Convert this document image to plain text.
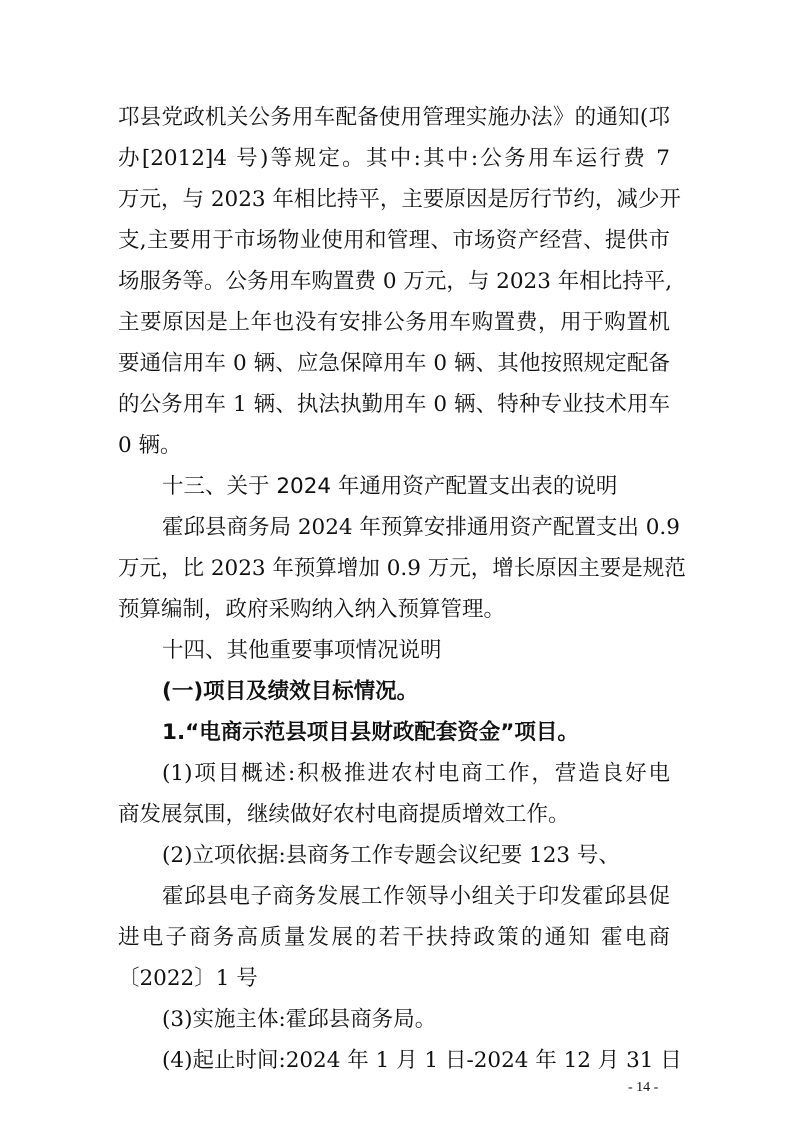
邛县党政机关公务用车配备使用管理实施办法》的通知(邛
办[2012]4 号)等规定。其中:其中:公务用车运行费 7
万元，与 2023 年相比持平，主要原因是厉行节约，减少开
支,主要用于市场物业使用和管理、市场资产经营、提供市
场服务等。公务用车购置费 0 万元，与 2023 年相比持平,
主要原因是上年也没有安排公务用车购置费，用于购置机
要通信用车 0 辆、应急保障用车 0 辆、其他按照规定配备
的公务用车 1 辆、执法执勤用车 0 辆、特种专业技术用车
0 辆。
十三、关于 2024 年通用资产配置支出表的说明
霍邱县商务局 2024 年预算安排通用资产配置支出 0.9
万元，比 2023 年预算增加 0.9 万元，增长原因主要是规范
预算编制，政府采购纳入纳入预算管理。
十四、其他重要事项情况说明
(一)项目及绩效目标情况。
1.“电商示范县项目县财政配套资金”项目。
(1)项目概述:积极推进农村电商工作，营造良好电
商发展氛围，继续做好农村电商提质增效工作。
(2)立项依据:县商务工作专题会议纪要 123 号、
霍邱县电子商务发展工作领导小组关于印发霍邱县促
进电子商务高质量发展的若干扶持政策的通知 霍电商
〔2022〕1 号
(3)实施主体:霍邱县商务局。
(4)起止时间:2024 年 1 月 1 日-2024 年 12 月 31 日
- 14 -
